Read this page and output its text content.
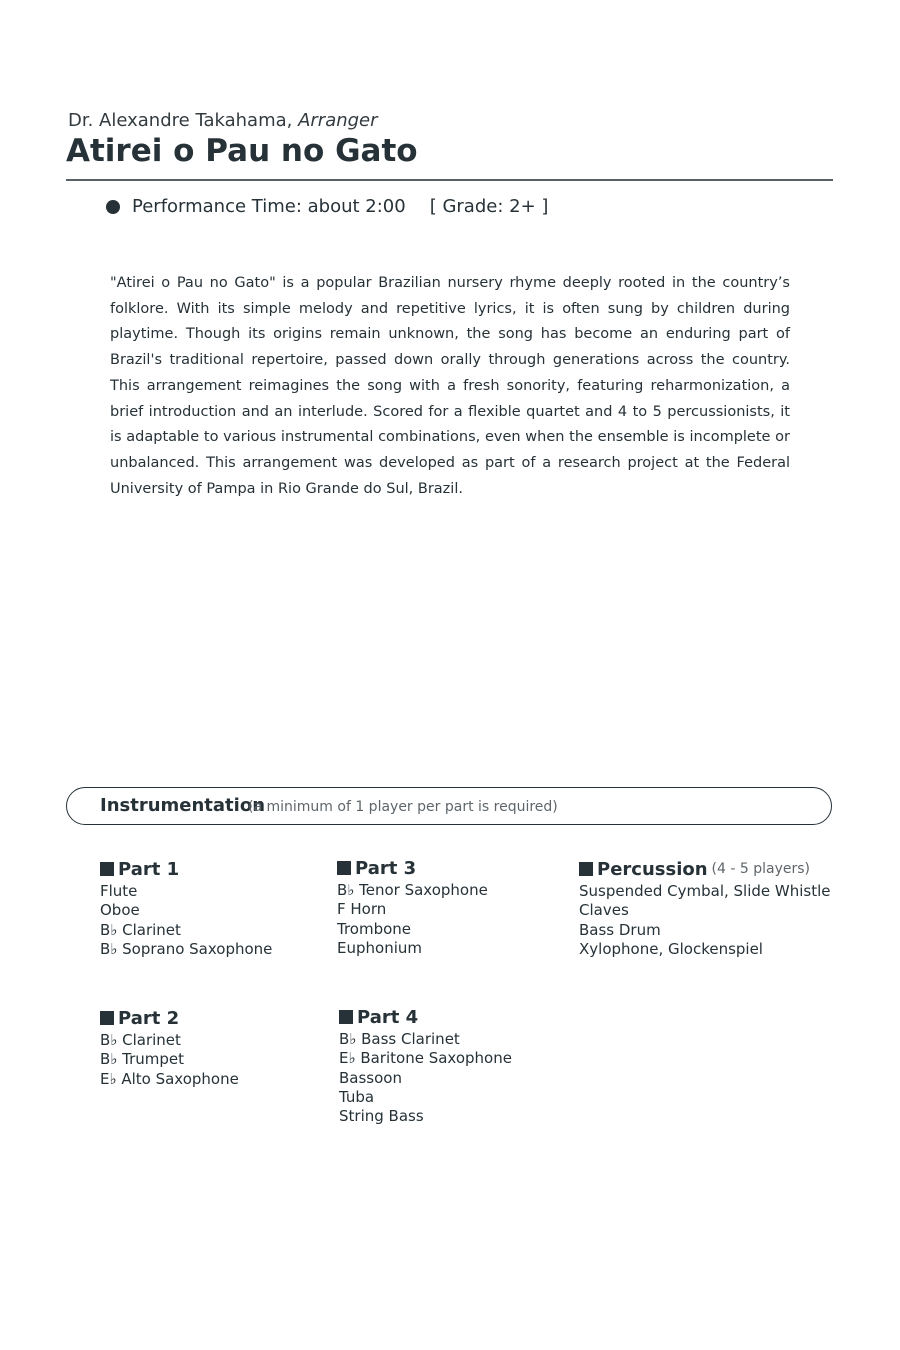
Dr. Alexandre Takahama, Arranger
Atirei o Pau no Gato
Performance Time: about 2:00 [ Grade: 2+ ]

"Atirei o Pau no Gato" is a popular Brazilian nursery rhyme deeply rooted in the country’s folklore. With its simple melody and repetitive lyrics, it is often sung by children during playtime. Though its origins remain unknown, the song has become an enduring part of Brazil's traditional repertoire, passed down orally through generations across the country. This arrangement reimagines the song with a fresh sonority, featuring reharmonization, a brief introduction and an interlude. Scored for a flexible quartet and 4 to 5 percussionists, it is adaptable to various instrumental combinations, even when the ensemble is incomplete or unbalanced. This arrangement was developed as part of a research project at the Federal University of Pampa in Rio Grande do Sul, Brazil.

Instrumentation
(a minimum of 1 player per part is required)
Part 1
Flute
Oboe
B♭ Clarinet
B♭ Soprano Saxophone
Part 3
B♭ Tenor Saxophone
F Horn
Trombone
Euphonium
Percussion (4 - 5 players)
Suspended Cymbal, Slide Whistle
Claves
Bass Drum
Xylophone, Glockenspiel
Part 2
B♭ Clarinet
B♭ Trumpet
E♭ Alto Saxophone
Part 4
B♭ Bass Clarinet
E♭ Baritone Saxophone
Bassoon
Tuba
String Bass
